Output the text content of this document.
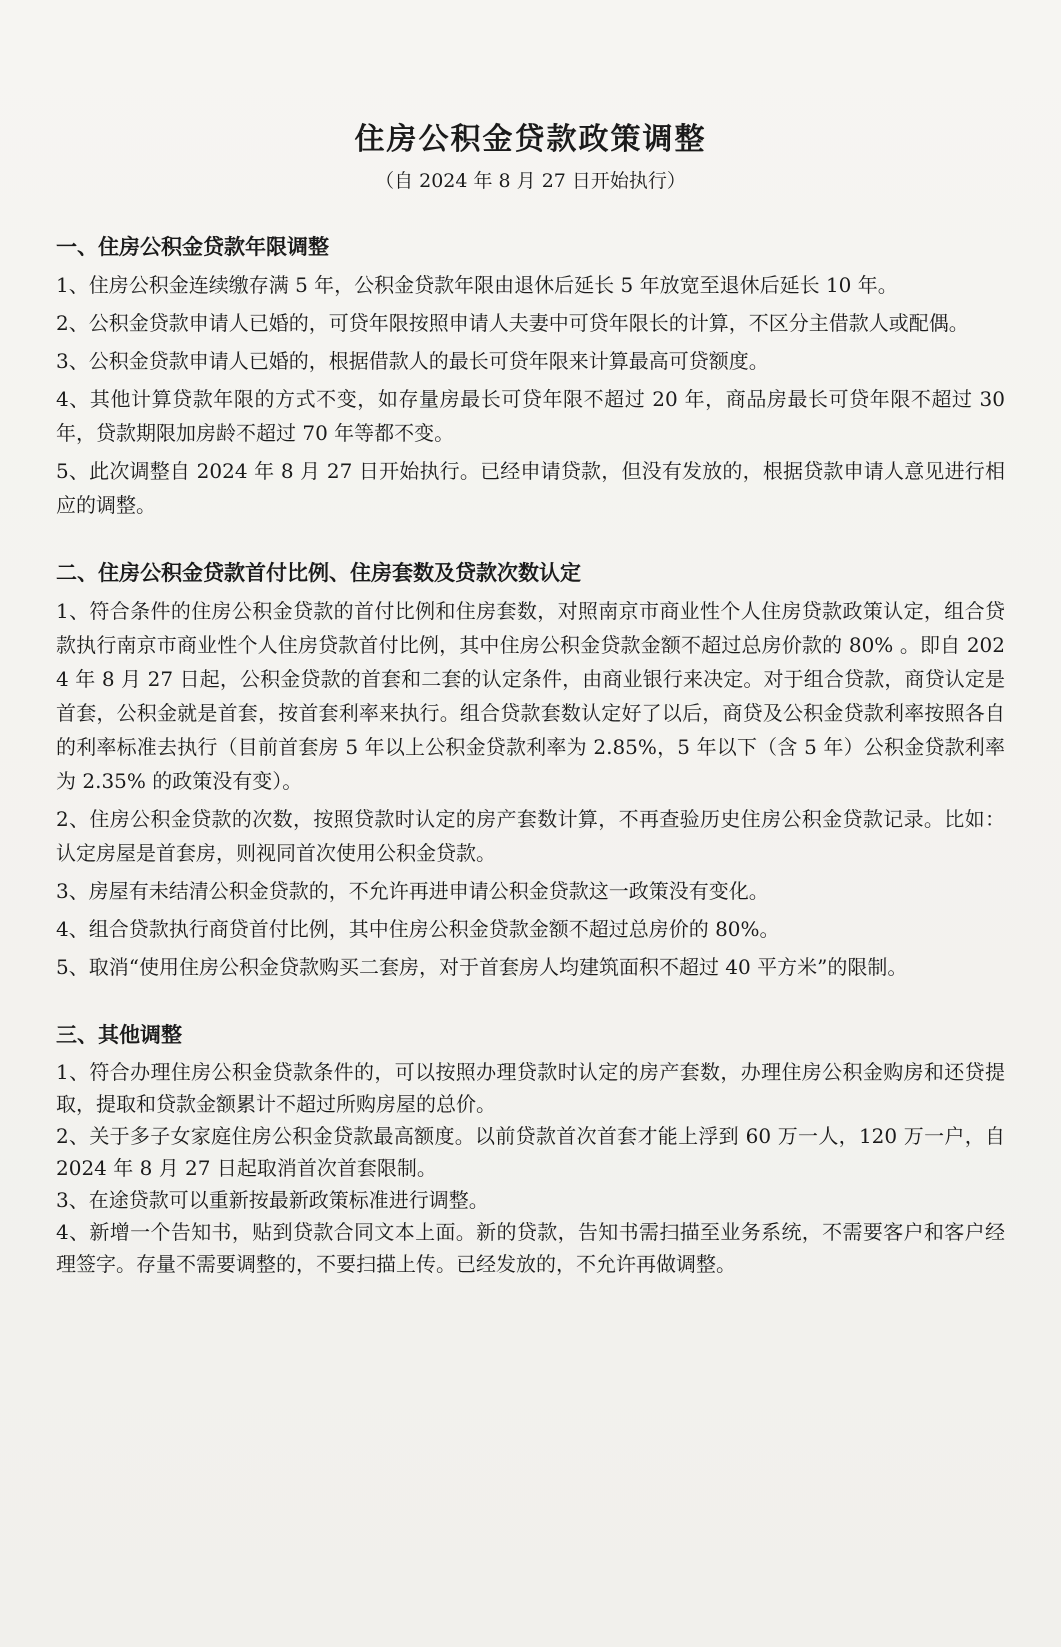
住房公积金贷款政策调整

（自 2024 年 8 月 27 日开始执行）

一、住房公积金贷款年限调整

1、住房公积金连续缴存满 5 年，公积金贷款年限由退休后延长 5 年放宽至退休后延长 10 年。

2、公积金贷款申请人已婚的，可贷年限按照申请人夫妻中可贷年限长的计算，不区分主借款人或配偶。

3、公积金贷款申请人已婚的，根据借款人的最长可贷年限来计算最高可贷额度。

4、其他计算贷款年限的方式不变，如存量房最长可贷年限不超过 20 年，商品房最长可贷年限不超过 30 年，贷款期限加房龄不超过 70 年等都不变。

5、此次调整自 2024 年 8 月 27 日开始执行。已经申请贷款，但没有发放的，根据贷款申请人意见进行相应的调整。

二、住房公积金贷款首付比例、住房套数及贷款次数认定

1、符合条件的住房公积金贷款的首付比例和住房套数，对照南京市商业性个人住房贷款政策认定，组合贷款执行南京市商业性个人住房贷款首付比例，其中住房公积金贷款金额不超过总房价款的 80% 。即自 2024 年 8 月 27 日起，公积金贷款的首套和二套的认定条件，由商业银行来决定。对于组合贷款，商贷认定是首套，公积金就是首套，按首套利率来执行。组合贷款套数认定好了以后，商贷及公积金贷款利率按照各自的利率标准去执行（目前首套房 5 年以上公积金贷款利率为 2.85%，5 年以下（含 5 年）公积金贷款利率为 2.35% 的政策没有变）。

2、住房公积金贷款的次数，按照贷款时认定的房产套数计算，不再查验历史住房公积金贷款记录。比如：认定房屋是首套房，则视同首次使用公积金贷款。

3、房屋有未结清公积金贷款的，不允许再进申请公积金贷款这一政策没有变化。

4、组合贷款执行商贷首付比例，其中住房公积金贷款金额不超过总房价的 80%。

5、取消“使用住房公积金贷款购买二套房，对于首套房人均建筑面积不超过 40 平方米”的限制。

三、其他调整

1、符合办理住房公积金贷款条件的，可以按照办理贷款时认定的房产套数，办理住房公积金购房和还贷提取，提取和贷款金额累计不超过所购房屋的总价。

2、关于多子女家庭住房公积金贷款最高额度。以前贷款首次首套才能上浮到 60 万一人，120 万一户，自 2024 年 8 月 27 日起取消首次首套限制。

3、在途贷款可以重新按最新政策标准进行调整。

4、新增一个告知书，贴到贷款合同文本上面。新的贷款，告知书需扫描至业务系统，不需要客户和客户经理签字。存量不需要调整的，不要扫描上传。已经发放的，不允许再做调整。
